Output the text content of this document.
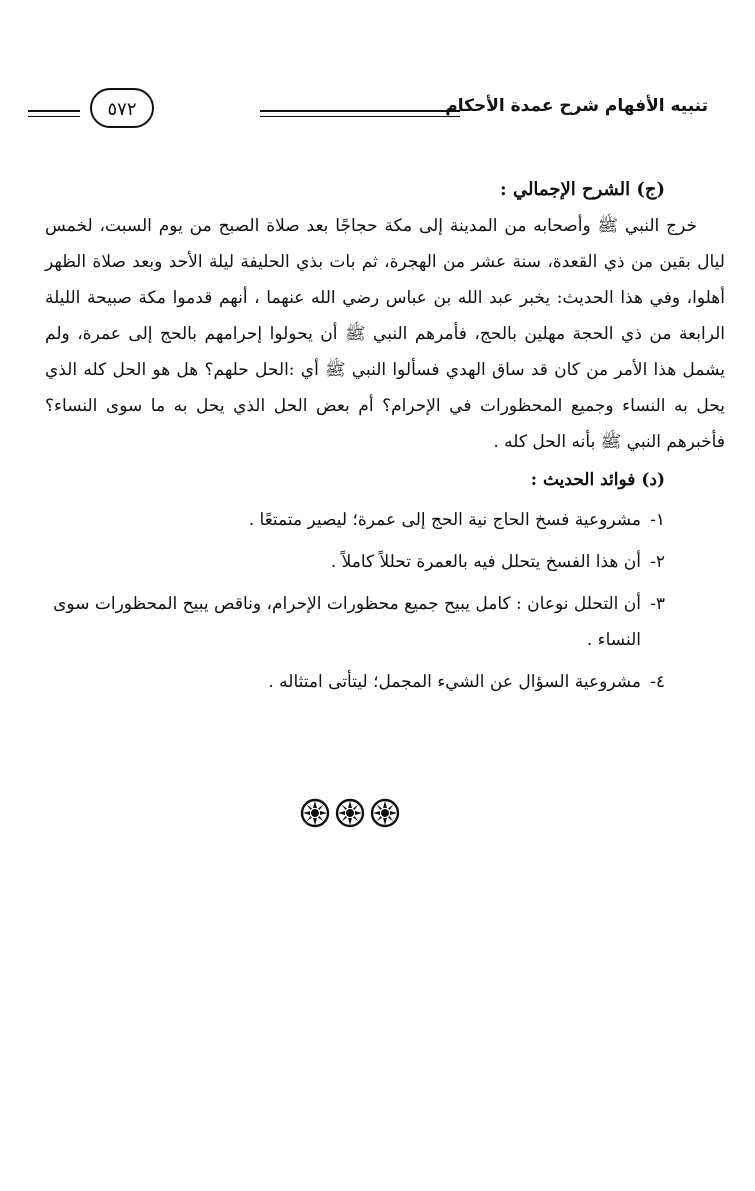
تنبيه الأفهام شرح عمدة الأحكام
٥٧٢

(ج) الشرح الإجمالي :

خرج النبي ﷺ وأصحابه من المدينة إلى مكة حجاجًا بعد صلاة الصبح من يوم السبت، لخمس ليال بقين من ذي القعدة، سنة عشر من الهجرة، ثم بات بذي الحليفة ليلة الأحد وبعد صلاة الظهر أهلوا، وفي هذا الحديث: يخبر عبد الله بن عباس رضي الله عنهما ، أنهم قدموا مكة صبيحة الليلة الرابعة من ذي الحجة مهلين بالحج، فأمرهم النبي ﷺ أن يحولوا إحرامهم بالحج إلى عمرة، ولم يشمل هذا الأمر من كان قد ساق الهدي فسألوا النبي ﷺ أي :الحل حلهم؟ هل هو الحل كله الذي يحل به النساء وجميع المحظورات في الإحرام؟ أم بعض الحل الذي يحل به ما سوى النساء؟ فأخبرهم النبي ﷺ بأنه الحل كله .

(د) فوائد الحديث :

١-
مشروعية فسخ الحاج نية الحج إلى عمرة؛ ليصير متمتعًا .
٢-
أن هذا الفسخ يتحلل فيه بالعمرة تحللاً كاملاً .
٣-
أن التحلل نوعان : كامل يبيح جميع محظورات الإحرام، وناقص يبيح المحظورات سوى النساء .
٤-
مشروعية السؤال عن الشيء المجمل؛ ليتأتى امتثاله .
